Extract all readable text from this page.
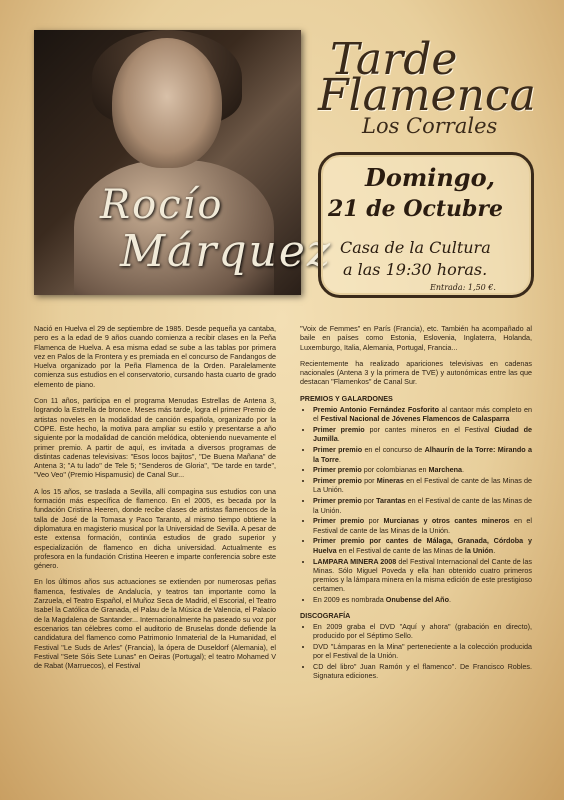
Rocío
Márquez
Tarde
Flamenca
Los Corrales
Domingo,
21 de Octubre
Casa de la Cultura
a las 19:30 horas.
Entrada: 1,50 €.

Nació en Huelva el 29 de septiembre de 1985. Desde pequeña ya cantaba, pero es a la edad de 9 años cuando comienza a recibir clases en la Peña Flamenca de Huelva. A esa misma edad se sube a las tablas por primera vez en Palos de la Frontera y es premiada en el concurso de Fandangos de Huelva organizado por la Peña Flamenca de la Orden. Paralelamente comienza sus estudios en el conservatorio, cursando hasta cuarto de grado elemento de piano.

Con 11 años, participa en el programa Menudas Estrellas de Antena 3, logrando la Estrella de bronce. Meses más tarde, logra el primer Premio de artistas noveles en la modalidad de canción española, organizado por la COPE. Este hecho, la motiva para ampliar su estilo y presentarse a año siguiente por la modalidad de canción melódica, obteniendo nuevamente el primer premio. A partir de aquí, es invitada a diversos programas de distintas cadenas televisivas: "Esos locos bajitos", "De Buena Mañana" de Antena 3; "A tu lado" de Tele 5; "Senderos de Gloria", "De tarde en tarde", "Veo Veo" (Premio Hispamusic) de Canal Sur...

A los 15 años, se traslada a Sevilla, allí compagina sus estudios con una formación más específica de flamenco. En el 2005, es becada por la fundación Cristina Heeren, donde recibe clases de artistas flamencos de la talla de José de la Tomasa y Paco Taranto, al mismo tiempo obtiene la diplomatura en magisterio musical por la Universidad de Sevilla. A pesar de este extensa formación, continúa estudios de grado superior y especialización de flamenco en dicha universidad. Actualmente es profesora en la fundación Cristina Heeren e imparte conferencia sobre este género.

En los últimos años sus actuaciones se extienden por numerosas peñas flamenca, festivales de Andalucía, y teatros tan importante como la Zarzuela, el Teatro Español, el Muñoz Seca de Madrid, el Escorial, el Teatro Isabel la Católica de Granada, el Palau de la Música de Valencia, el Palacio de la Magdalena de Santander... Internacionalmente ha paseado su voz por escenarios tan célebres como el auditorio de Bruselas donde defiende la candidatura del flamenco como Patrimonio Inmaterial de la Humanidad, el Festival "Le Suds de Arles" (Francia), la ópera de Duseldorf (Alemania), el Festival "Sete Sóis Sete Lunas" en Oeiras (Portugal); el teatro Mohamed V de Rabat (Marruecos), el Festival

"Voix de Femmes" en París (Francia), etc. También ha acompañado al baile en países como Estonia, Eslovenia, Inglaterra, Holanda, Luxemburgo, Italia, Alemania, Portugal, Francia...

Recientemente ha realizado apariciones televisivas en cadenas nacionales (Antena 3 y la primera de TVE) y autonómicas entre las que destacan "Flamenkos" de Canal Sur.

PREMIOS Y GALARDONES
• Premio Antonio Fernández Fosforito al cantaor más completo en el Festival Nacional de Jóvenes Flamencos de Calasparra
• Primer premio por cantes mineros en el Festival Ciudad de Jumilla.
• Primer premio en el concurso de Alhaurín de la Torre: Mirando a la Torre.
• Primer premio por colombianas en Marchena.
• Primer premio por Mineras en el Festival de cante de las Minas de La Unión.
• Primer premio por Tarantas en el Festival de cante de las Minas de la Unión.
• Primer premio por Murcianas y otros cantes mineros en el Festival de cante de las Minas de la Unión.
• Primer premio por cantes de Málaga, Granada, Córdoba y Huelva en el Festival de cante de las Minas de la Unión.
• LAMPARA MINERA 2008 del Festival Internacional del Cante de las Minas. Sólo Miguel Poveda y ella han obtenido cuatro primeros premios y la lámpara minera en la misma edición de este prestigioso certamen.
• En 2009 es nombrada Onubense del Año.
DISCOGRAFÍA
• En 2009 graba el DVD "Aquí y ahora" (grabación en directo), producido por el Séptimo Sello.
• DVD "Lámparas en la Mina" perteneciente a la colección producida por el Festival de la Unión.
• CD del libro" Juan Ramón y el flamenco". De Francisco Robles. Signatura ediciones.
